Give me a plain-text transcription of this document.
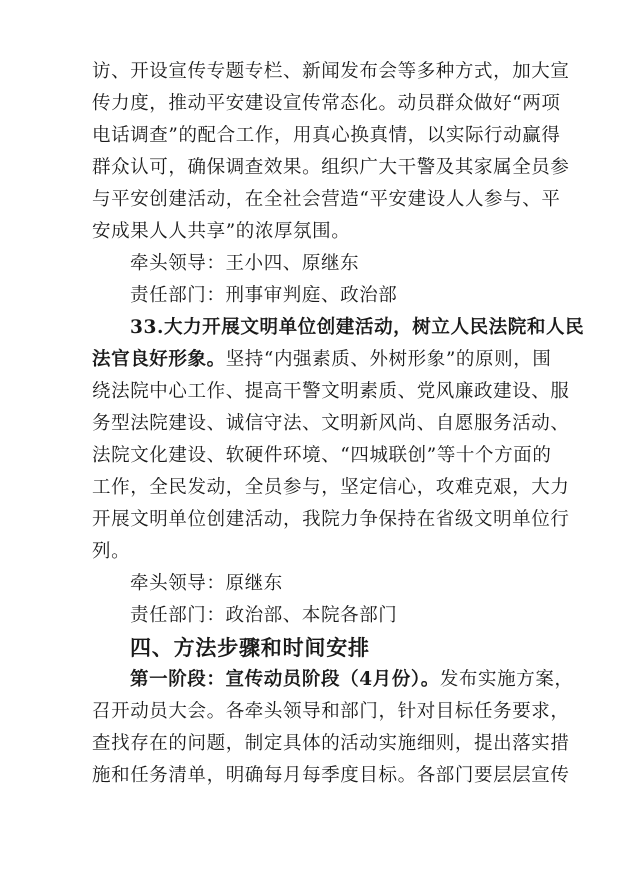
访、开设宣传专题专栏、新闻发布会等多种方式，加大宣
传力度，推动平安建设宣传常态化。动员群众做好“两项
电话调查”的配合工作，用真心换真情，以实际行动赢得
群众认可，确保调查效果。组织广大干警及其家属全员参
与平安创建活动，在全社会营造“平安建设人人参与、平
安成果人人共享”的浓厚氛围。
牵头领导：王小四、原继东
责任部门：刑事审判庭、政治部
33.大力开展文明单位创建活动，树立人民法院和人民
法官良好形象。坚持“内强素质、外树形象”的原则，围
绕法院中心工作、提高干警文明素质、党风廉政建设、服
务型法院建设、诚信守法、文明新风尚、自愿服务活动、
法院文化建设、软硬件环境、“四城联创”等十个方面的
工作，全民发动，全员参与，坚定信心，攻难克艰，大力
开展文明单位创建活动，我院力争保持在省级文明单位行
列。
牵头领导：原继东
责任部门：政治部、本院各部门
四、方法步骤和时间安排
第一阶段：宣传动员阶段（4月份）。发布实施方案，
召开动员大会。各牵头领导和部门，针对目标任务要求，
查找存在的问题，制定具体的活动实施细则，提出落实措
施和任务清单，明确每月每季度目标。各部门要层层宣传
